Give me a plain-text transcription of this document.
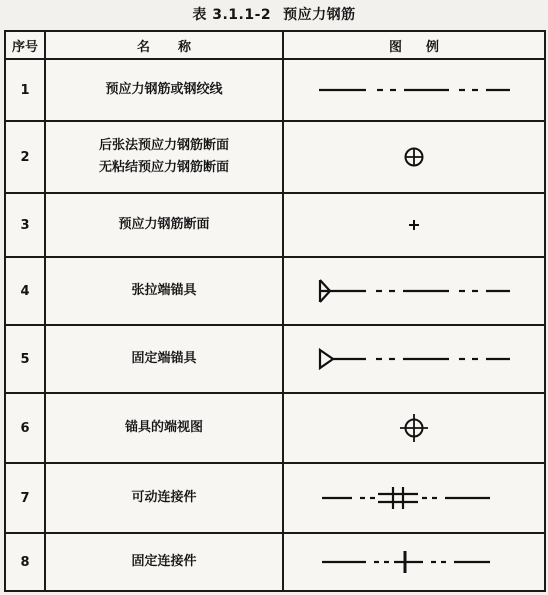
表 3.1.1-2 预应力钢筋
序号	名称	图例
1	预应力钢筋或钢绞线

2	后张法预应力钢筋断面
无粘结预应力钢筋断面

3	预应力钢筋断面

4	张拉端锚具

5	固定端锚具

6	锚具的端视图

7	可动连接件

8	固定连接件
